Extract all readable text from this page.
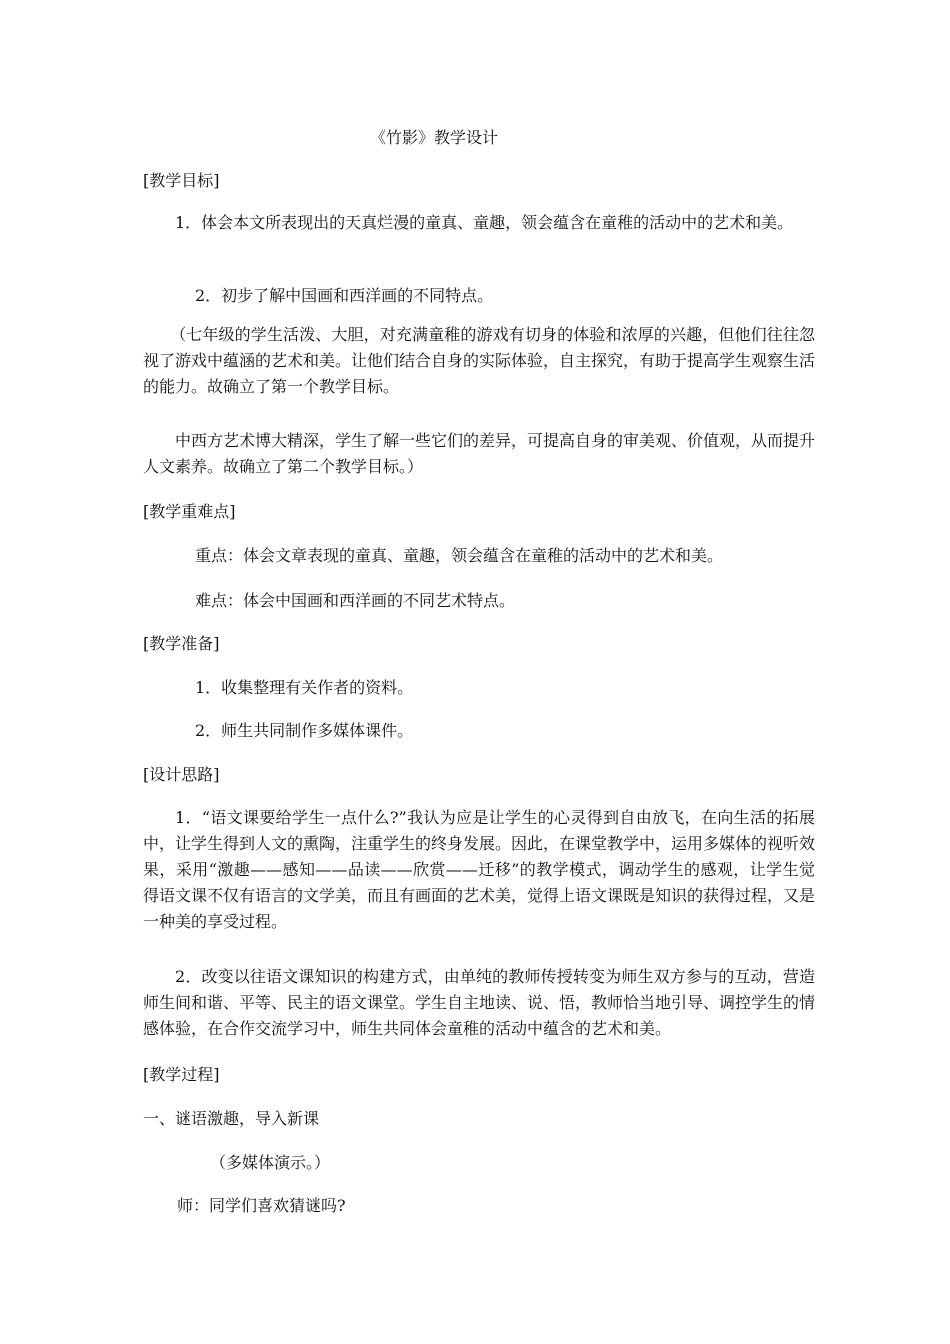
《竹影》教学设计
[教学目标]
1．体会本文所表现出的天真烂漫的童真、童趣，领会蕴含在童稚的活动中的艺术和美。
2．初步了解中国画和西洋画的不同特点。
（七年级的学生活泼、大胆，对充满童稚的游戏有切身的体验和浓厚的兴趣，但他们往往忽视了游戏中蕴涵的艺术和美。让他们结合自身的实际体验，自主探究，有助于提高学生观察生活的能力。故确立了第一个教学目标。
中西方艺术博大精深，学生了解一些它们的差异，可提高自身的审美观、价值观，从而提升人文素养。故确立了第二个教学目标。）
[教学重难点]
重点：体会文章表现的童真、童趣，领会蕴含在童稚的活动中的艺术和美。
难点：体会中国画和西洋画的不同艺术特点。
[教学准备]
1．收集整理有关作者的资料。
2．师生共同制作多媒体课件。
[设计思路]
1．“语文课要给学生一点什么?”我认为应是让学生的心灵得到自由放飞，在向生活的拓展中，让学生得到人文的熏陶，注重学生的终身发展。因此，在课堂教学中，运用多媒体的视听效果，采用“激趣——感知——品读——欣赏——迁移”的教学模式，调动学生的感观，让学生觉得语文课不仅有语言的文学美，而且有画面的艺术美，觉得上语文课既是知识的获得过程，又是一种美的享受过程。
2．改变以往语文课知识的构建方式，由单纯的教师传授转变为师生双方参与的互动，营造师生间和谐、平等、民主的语文课堂。学生自主地读、说、悟，教师恰当地引导、调控学生的情感体验，在合作交流学习中，师生共同体会童稚的活动中蕴含的艺术和美。
[教学过程]
一、谜语激趣，导入新课
（多媒体演示。）
师：同学们喜欢猜谜吗?
